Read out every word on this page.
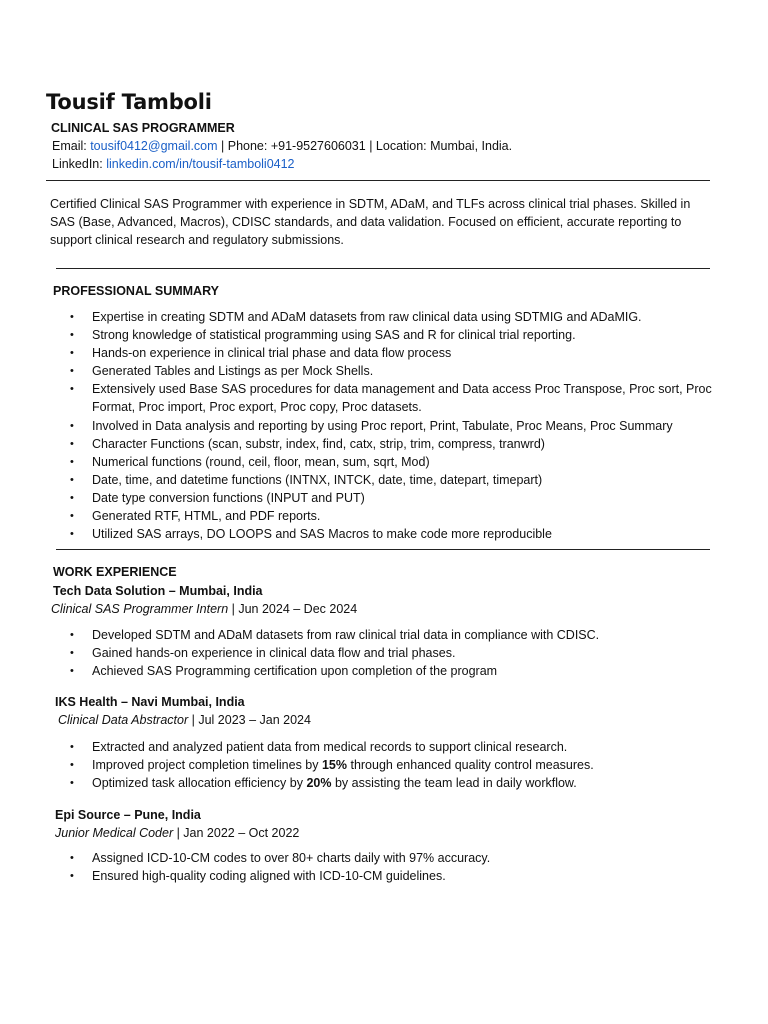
Tousif Tamboli
CLINICAL SAS PROGRAMMER
Email: tousif0412@gmail.com | Phone: +91-9527606031 | Location: Mumbai, India.
LinkedIn: linkedin.com/in/tousif-tamboli0412
Certified Clinical SAS Programmer with experience in SDTM, ADaM, and TLFs across clinical trial phases. Skilled in SAS (Base, Advanced, Macros), CDISC standards, and data validation. Focused on efficient, accurate reporting to support clinical research and regulatory submissions.
PROFESSIONAL SUMMARY
• Expertise in creating SDTM and ADaM datasets from raw clinical data using SDTMIG and ADaMIG.
• Strong knowledge of statistical programming using SAS and R for clinical trial reporting.
• Hands-on experience in clinical trial phase and data flow process
• Generated Tables and Listings as per Mock Shells.
• Extensively used Base SAS procedures for data management and Data access Proc Transpose, Proc sort, Proc Format, Proc import, Proc export, Proc copy, Proc datasets.
• Involved in Data analysis and reporting by using Proc report, Print, Tabulate, Proc Means, Proc Summary
• Character Functions (scan, substr, index, find, catx, strip, trim, compress, tranwrd)
• Numerical functions (round, ceil, floor, mean, sum, sqrt, Mod)
• Date, time, and datetime functions (INTNX, INTCK, date, time, datepart, timepart)
• Date type conversion functions (INPUT and PUT)
• Generated RTF, HTML, and PDF reports.
• Utilized SAS arrays, DO LOOPS and SAS Macros to make code more reproducible
WORK EXPERIENCE
Tech Data Solution – Mumbai, India
Clinical SAS Programmer Intern | Jun 2024 – Dec 2024
• Developed SDTM and ADaM datasets from raw clinical trial data in compliance with CDISC.
• Gained hands-on experience in clinical data flow and trial phases.
• Achieved SAS Programming certification upon completion of the program
IKS Health – Navi Mumbai, India
Clinical Data Abstractor | Jul 2023 – Jan 2024
• Extracted and analyzed patient data from medical records to support clinical research.
• Improved project completion timelines by 15% through enhanced quality control measures.
• Optimized task allocation efficiency by 20% by assisting the team lead in daily workflow.
Epi Source – Pune, India
Junior Medical Coder | Jan 2022 – Oct 2022
• Assigned ICD-10-CM codes to over 80+ charts daily with 97% accuracy.
• Ensured high-quality coding aligned with ICD-10-CM guidelines.
